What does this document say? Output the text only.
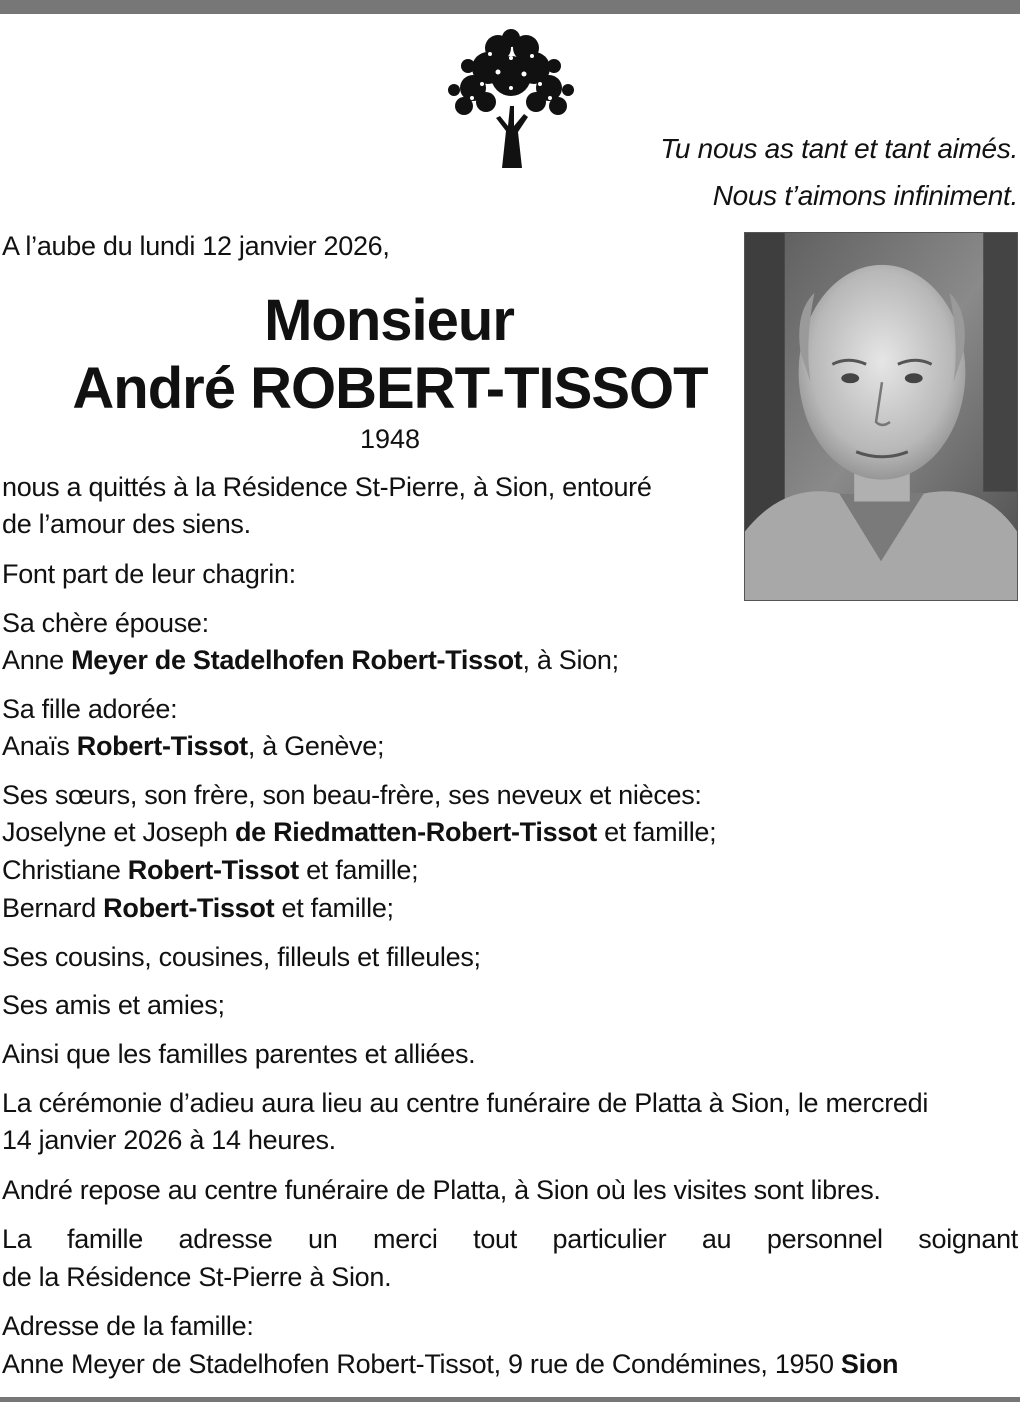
Tu nous as tant et tant aimés.
Nous t’aimons infiniment.
A l’aube du lundi 12 janvier 2026,
Monsieur
André ROBERT-TISSOT
1948
nous a quittés à la Résidence St-Pierre, à Sion, entouré
de l’amour des siens.
Font part de leur chagrin:
Sa chère épouse:
Anne Meyer de Stadelhofen Robert-Tissot, à Sion;
Sa fille adorée:
Anaïs Robert-Tissot, à Genève;
Ses sœurs, son frère, son beau-frère, ses neveux et nièces:
Joselyne et Joseph de Riedmatten-Robert-Tissot et famille;
Christiane Robert-Tissot et famille;
Bernard Robert-Tissot et famille;
Ses cousins, cousines, filleuls et filleules;
Ses amis et amies;
Ainsi que les familles parentes et alliées.
La cérémonie d’adieu aura lieu au centre funéraire de Platta à Sion, le mercredi
14 janvier 2026 à 14 heures.
André repose au centre funéraire de Platta, à Sion où les visites sont libres.
La famille adresse un merci tout particulier au personnel soignant
de la Résidence St-Pierre à Sion.
Adresse de la famille:
Anne Meyer de Stadelhofen Robert-Tissot, 9 rue de Condémines, 1950 Sion
